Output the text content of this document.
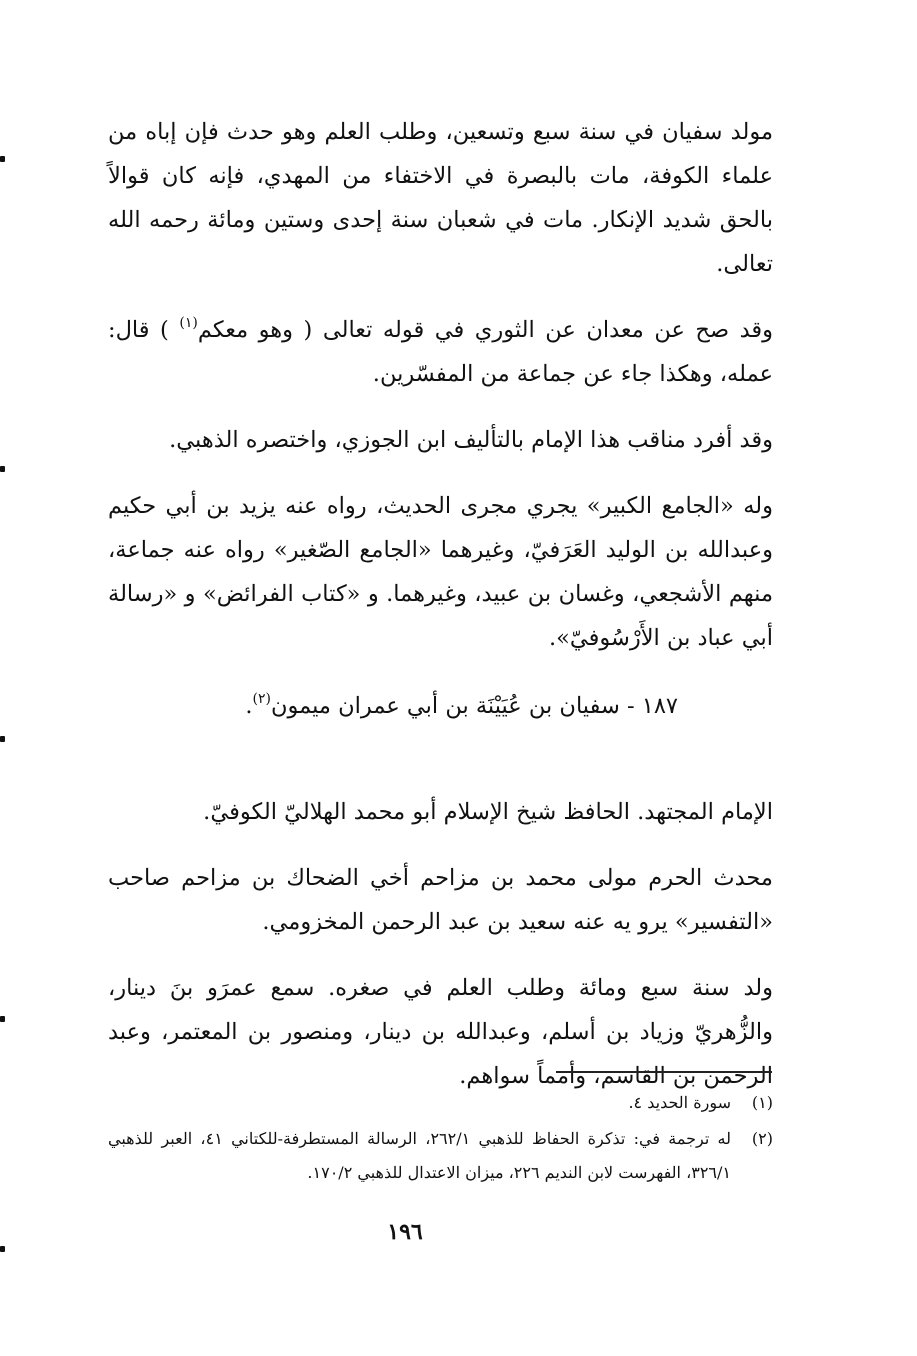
مولد سفيان في سنة سبع وتسعين، وطلب العلم وهو حدث فإن إباه من علماء الكوفة، مات بالبصرة في الاختفاء من المهدي، فإنه كان قوالاً بالحق شديد الإنكار. مات في شعبان سنة إحدى وستين ومائة رحمه الله تعالى.

وقد صح عن معدان عن الثوري في قوله تعالى ( وهو معكم$^{(١)}$ ) قال: عمله، وهكذا جاء عن جماعة من المفسّرين.

وقد أفرد مناقب هذا الإمام بالتأليف ابن الجوزي، واختصره الذهبي.

وله «الجامع الكبير» يجري مجرى الحديث، رواه عنه يزيد بن أبي حكيم وعبدالله بن الوليد العَرَفيّ، وغيرهما «الجامع الصّغير» رواه عنه جماعة، منهم الأشجعي، وغسان بن عبيد، وغيرهما. و «كتاب الفرائض» و «رسالة أبي عباد بن الأَرْسُوفيّ».

١٨٧ - سفيان بن عُيَيْنَة بن أبي عمران ميمون$^{(٢)}$.

الإمام المجتهد. الحافظ شيخ الإسلام أبو محمد الهلاليّ الكوفيّ.

محدث الحرم مولى محمد بن مزاحم أخي الضحاك بن مزاحم صاحب «التفسير» يرو يه عنه سعيد بن عبد الرحمن المخزومي.

ولد سنة سبع ومائة وطلب العلم في صغره. سمع عمرَو بنَ دينار، والزُّهريّ وزياد بن أسلم، وعبدالله بن دينار، ومنصور بن المعتمر، وعبد الرحمن بن القاسم، وأمماً سواهم.

(١)
سورة الحديد ٤.
(٢)
له ترجمة في: تذكرة الحفاظ للذهبي ٢٦٢/١، الرسالة المستطرفة-للكتاني ٤١، العبر للذهبي ٣٢٦/١، الفهرست لابن النديم ٢٢٦، ميزان الاعتدال للذهبي ١٧٠/٢.
١٩٦
